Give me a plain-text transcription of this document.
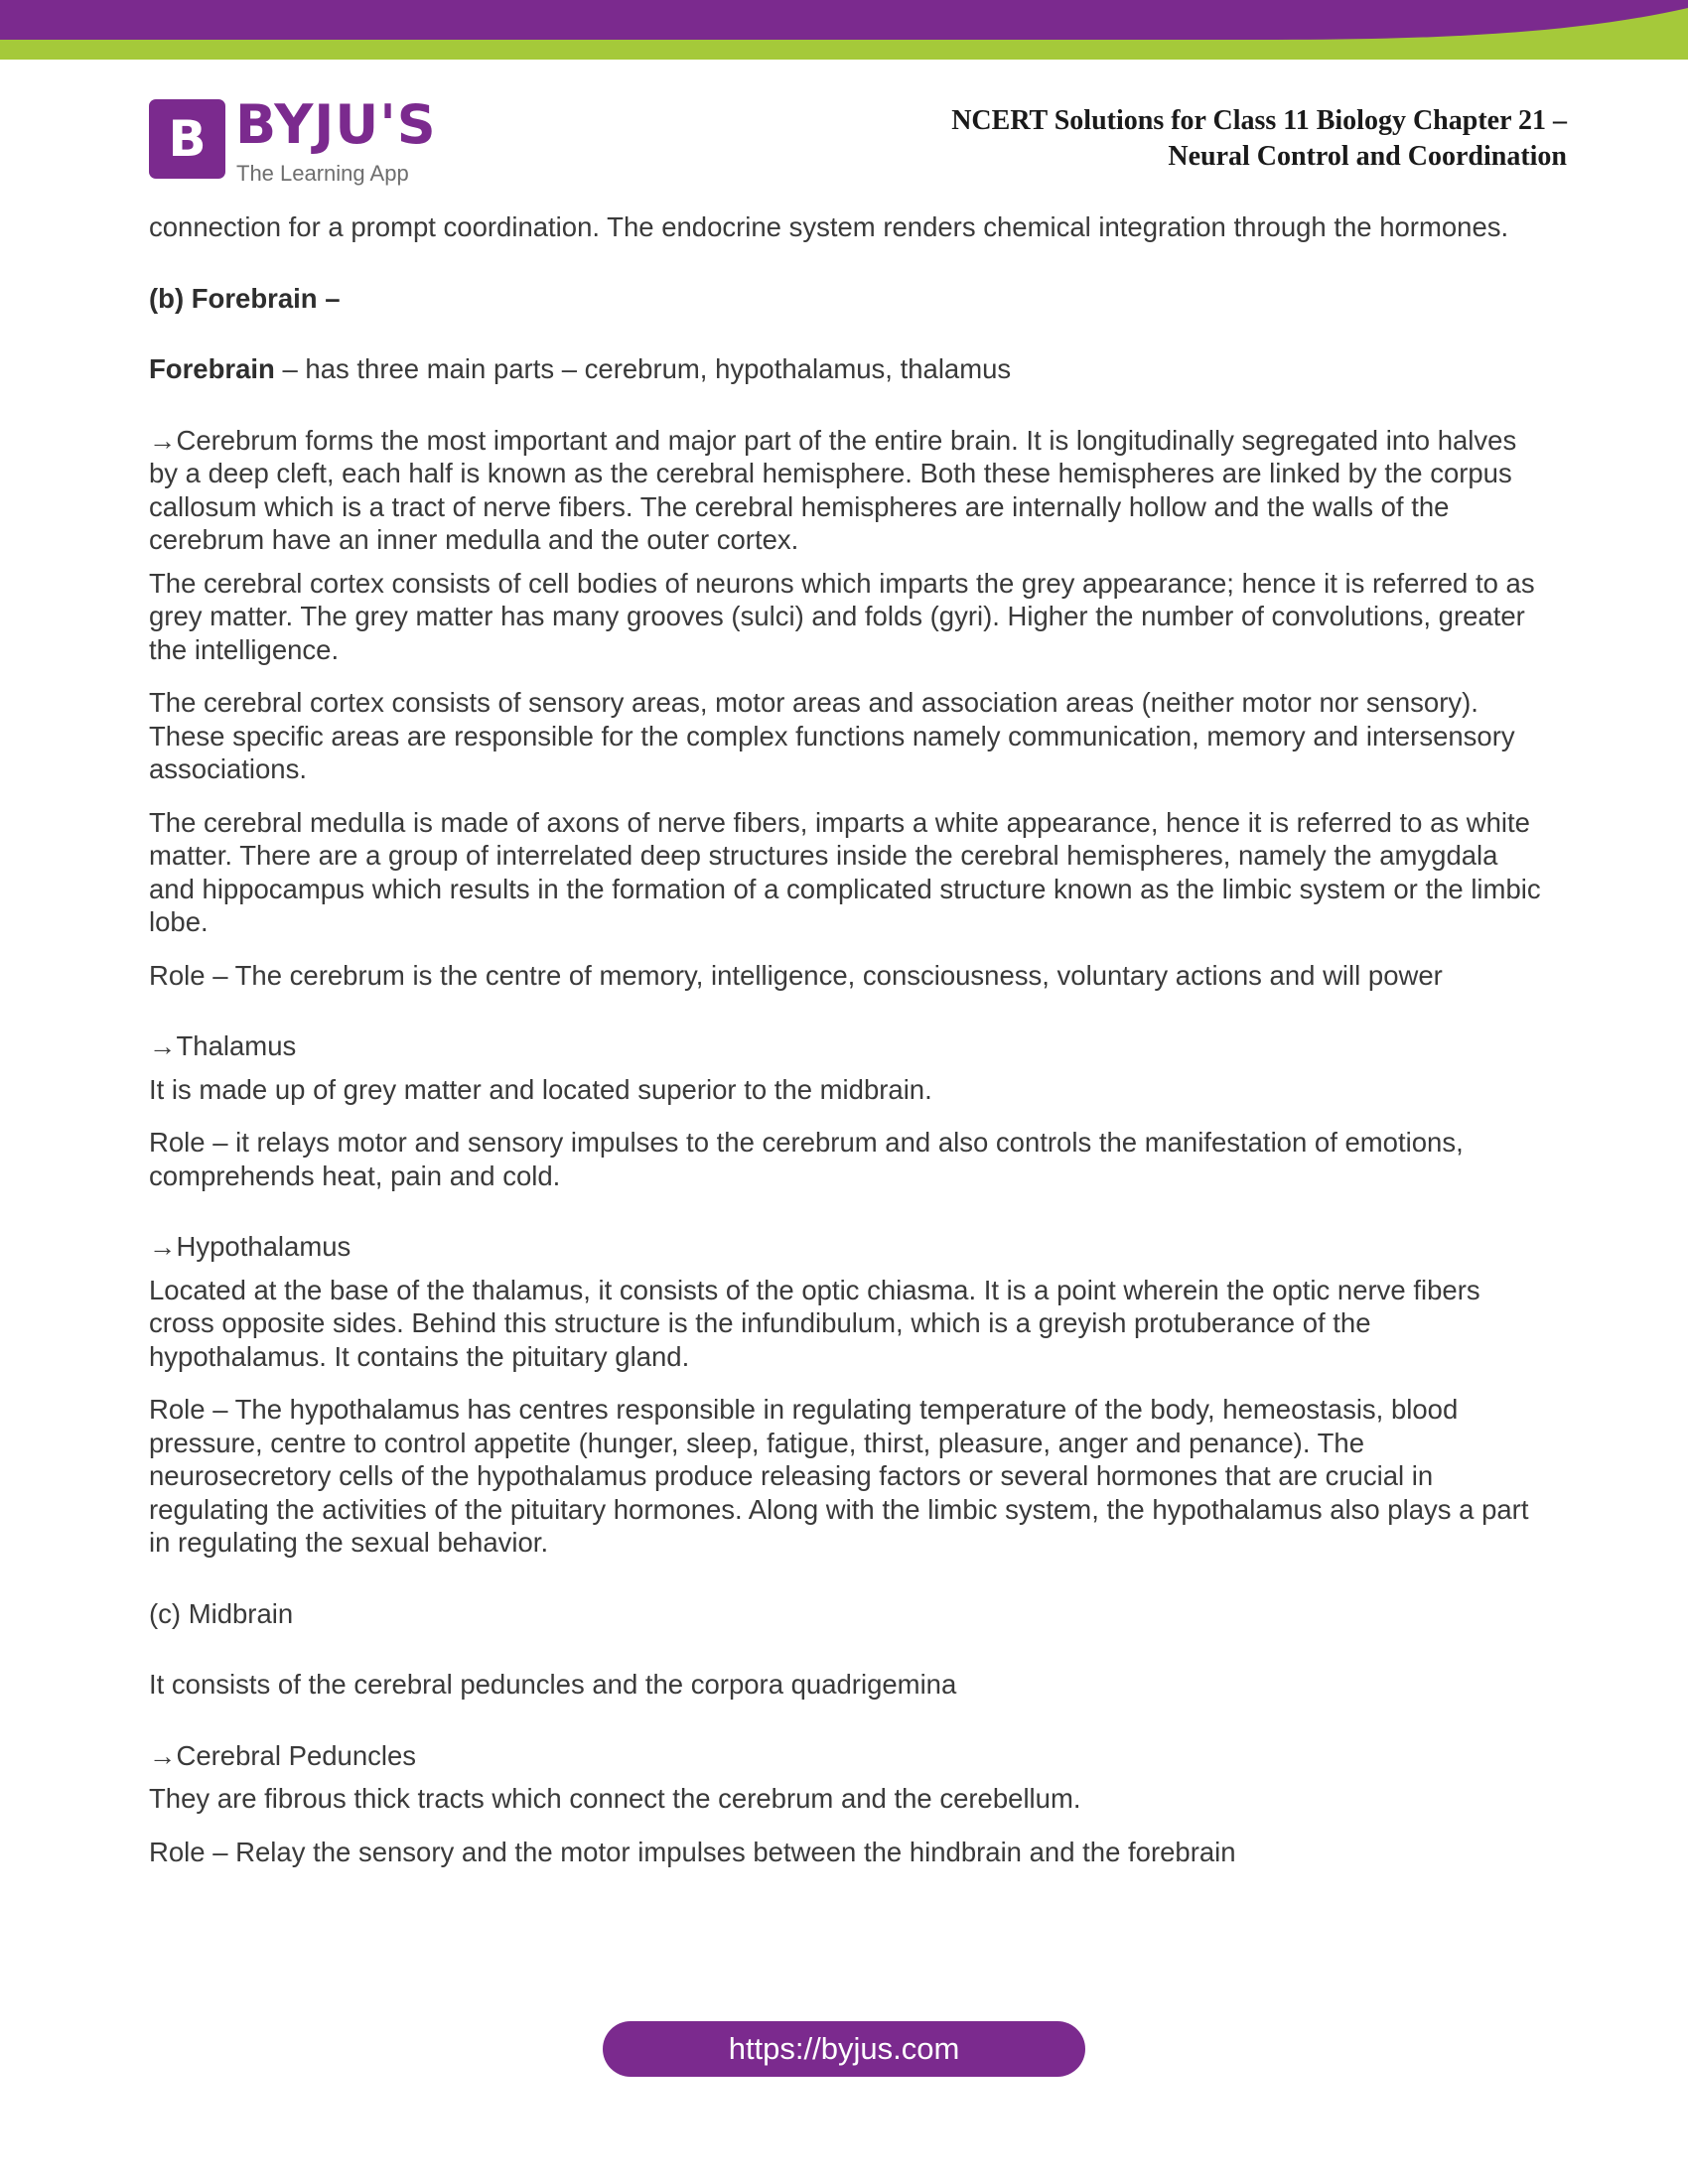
B BYJU'S
The Learning App
NCERT Solutions for Class 11 Biology Chapter 21 –
Neural Control and Coordination

connection for a prompt coordination. The endocrine system renders chemical integration through the hormones.

(b) Forebrain –

Forebrain – has three main parts – cerebrum, hypothalamus, thalamus

→Cerebrum forms the most important and major part of the entire brain. It is longitudinally segregated into halves by a deep cleft, each half is known as the cerebral hemisphere. Both these hemispheres are linked by the corpus callosum which is a tract of nerve fibers. The cerebral hemispheres are internally hollow and the walls of the cerebrum have an inner medulla and the outer cortex.

The cerebral cortex consists of cell bodies of neurons which imparts the grey appearance; hence it is referred to as grey matter. The grey matter has many grooves (sulci) and folds (gyri). Higher the number of convolutions, greater the intelligence.

The cerebral cortex consists of sensory areas, motor areas and association areas (neither motor nor sensory). These specific areas are responsible for the complex functions namely communication, memory and intersensory associations.

The cerebral medulla is made of axons of nerve fibers, imparts a white appearance, hence it is referred to as white matter. There are a group of interrelated deep structures inside the cerebral hemispheres, namely the amygdala and hippocampus which results in the formation of a complicated structure known as the limbic system or the limbic lobe.

Role – The cerebrum is the centre of memory, intelligence, consciousness, voluntary actions and will power

→Thalamus

It is made up of grey matter and located superior to the midbrain.

Role – it relays motor and sensory impulses to the cerebrum and also controls the manifestation of emotions, comprehends heat, pain and cold.

→Hypothalamus

Located at the base of the thalamus, it consists of the optic chiasma. It is a point wherein the optic nerve fibers cross opposite sides. Behind this structure is the infundibulum, which is a greyish protuberance of the hypothalamus. It contains the pituitary gland.

Role – The hypothalamus has centres responsible in regulating temperature of the body, hemeostasis, blood pressure, centre to control appetite (hunger, sleep, fatigue, thirst, pleasure, anger and penance). The neurosecretory cells of the hypothalamus produce releasing factors or several hormones that are crucial in regulating the activities of the pituitary hormones. Along with the limbic system, the hypothalamus also plays a part in regulating the sexual behavior.

(c) Midbrain

It consists of the cerebral peduncles and the corpora quadrigemina

→Cerebral Peduncles

They are fibrous thick tracts which connect the cerebrum and the cerebellum.

Role – Relay the sensory and the motor impulses between the hindbrain and the forebrain

https://byjus.com
